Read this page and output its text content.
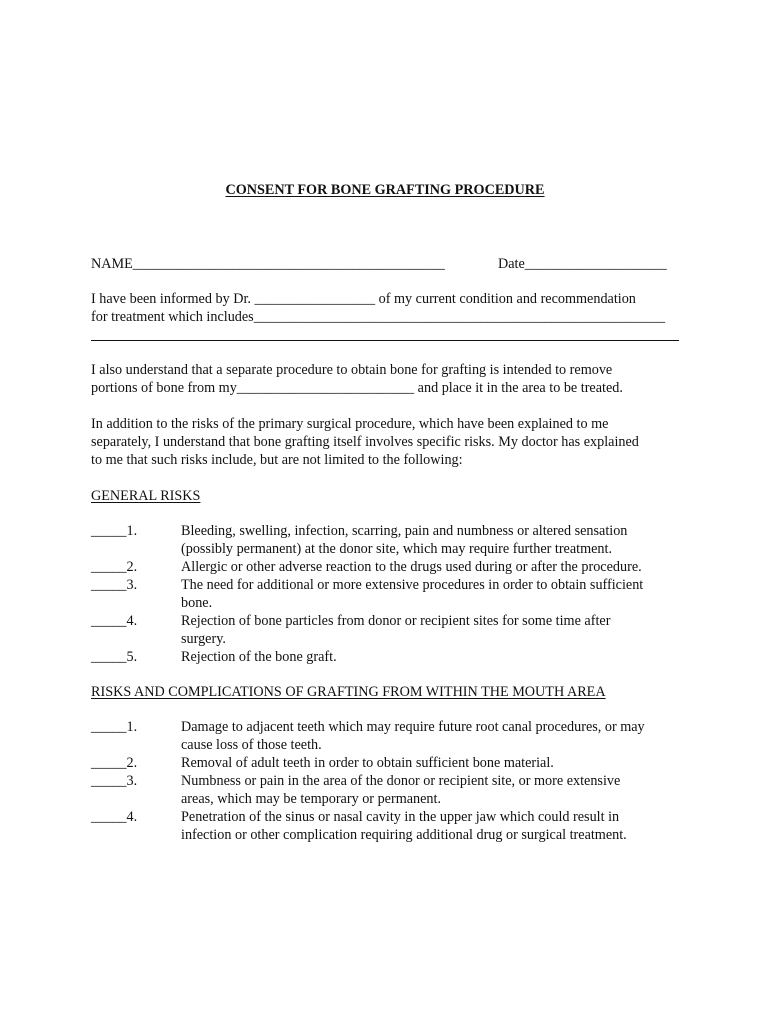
CONSENT FOR BONE GRAFTING PROCEDURE
NAME____________________________________________	Date____________________
I have been informed by Dr. _________________ of my current condition and recommendation
for treatment which includes__________________________________________________________
I also understand that a separate procedure to obtain bone for grafting is intended to remove
portions of bone from my_________________________ and place it in the area to be treated.
In addition to the risks of the primary surgical procedure, which have been explained to me
separately, I understand that bone grafting itself involves specific risks. My doctor has explained
to me that such risks include, but are not limited to the following:
GENERAL RISKS
_____1.	Bleeding, swelling, infection, scarring, pain and numbness or altered sensation
(possibly permanent) at the donor site, which may require further treatment.
_____2.	Allergic or other adverse reaction to the drugs used during or after the procedure.
_____3.	The need for additional or more extensive procedures in order to obtain sufficient
bone.
_____4.	Rejection of bone particles from donor or recipient sites for some time after
surgery.
_____5.	Rejection of the bone graft.
RISKS AND COMPLICATIONS OF GRAFTING FROM WITHIN THE MOUTH AREA
_____1.	Damage to adjacent teeth which may require future root canal procedures, or may
cause loss of those teeth.
_____2.	Removal of adult teeth in order to obtain sufficient bone material.
_____3.	Numbness or pain in the area of the donor or recipient site, or more extensive
areas, which may be temporary or permanent.
_____4.	Penetration of the sinus or nasal cavity in the upper jaw which could result in
infection or other complication requiring additional drug or surgical treatment.
